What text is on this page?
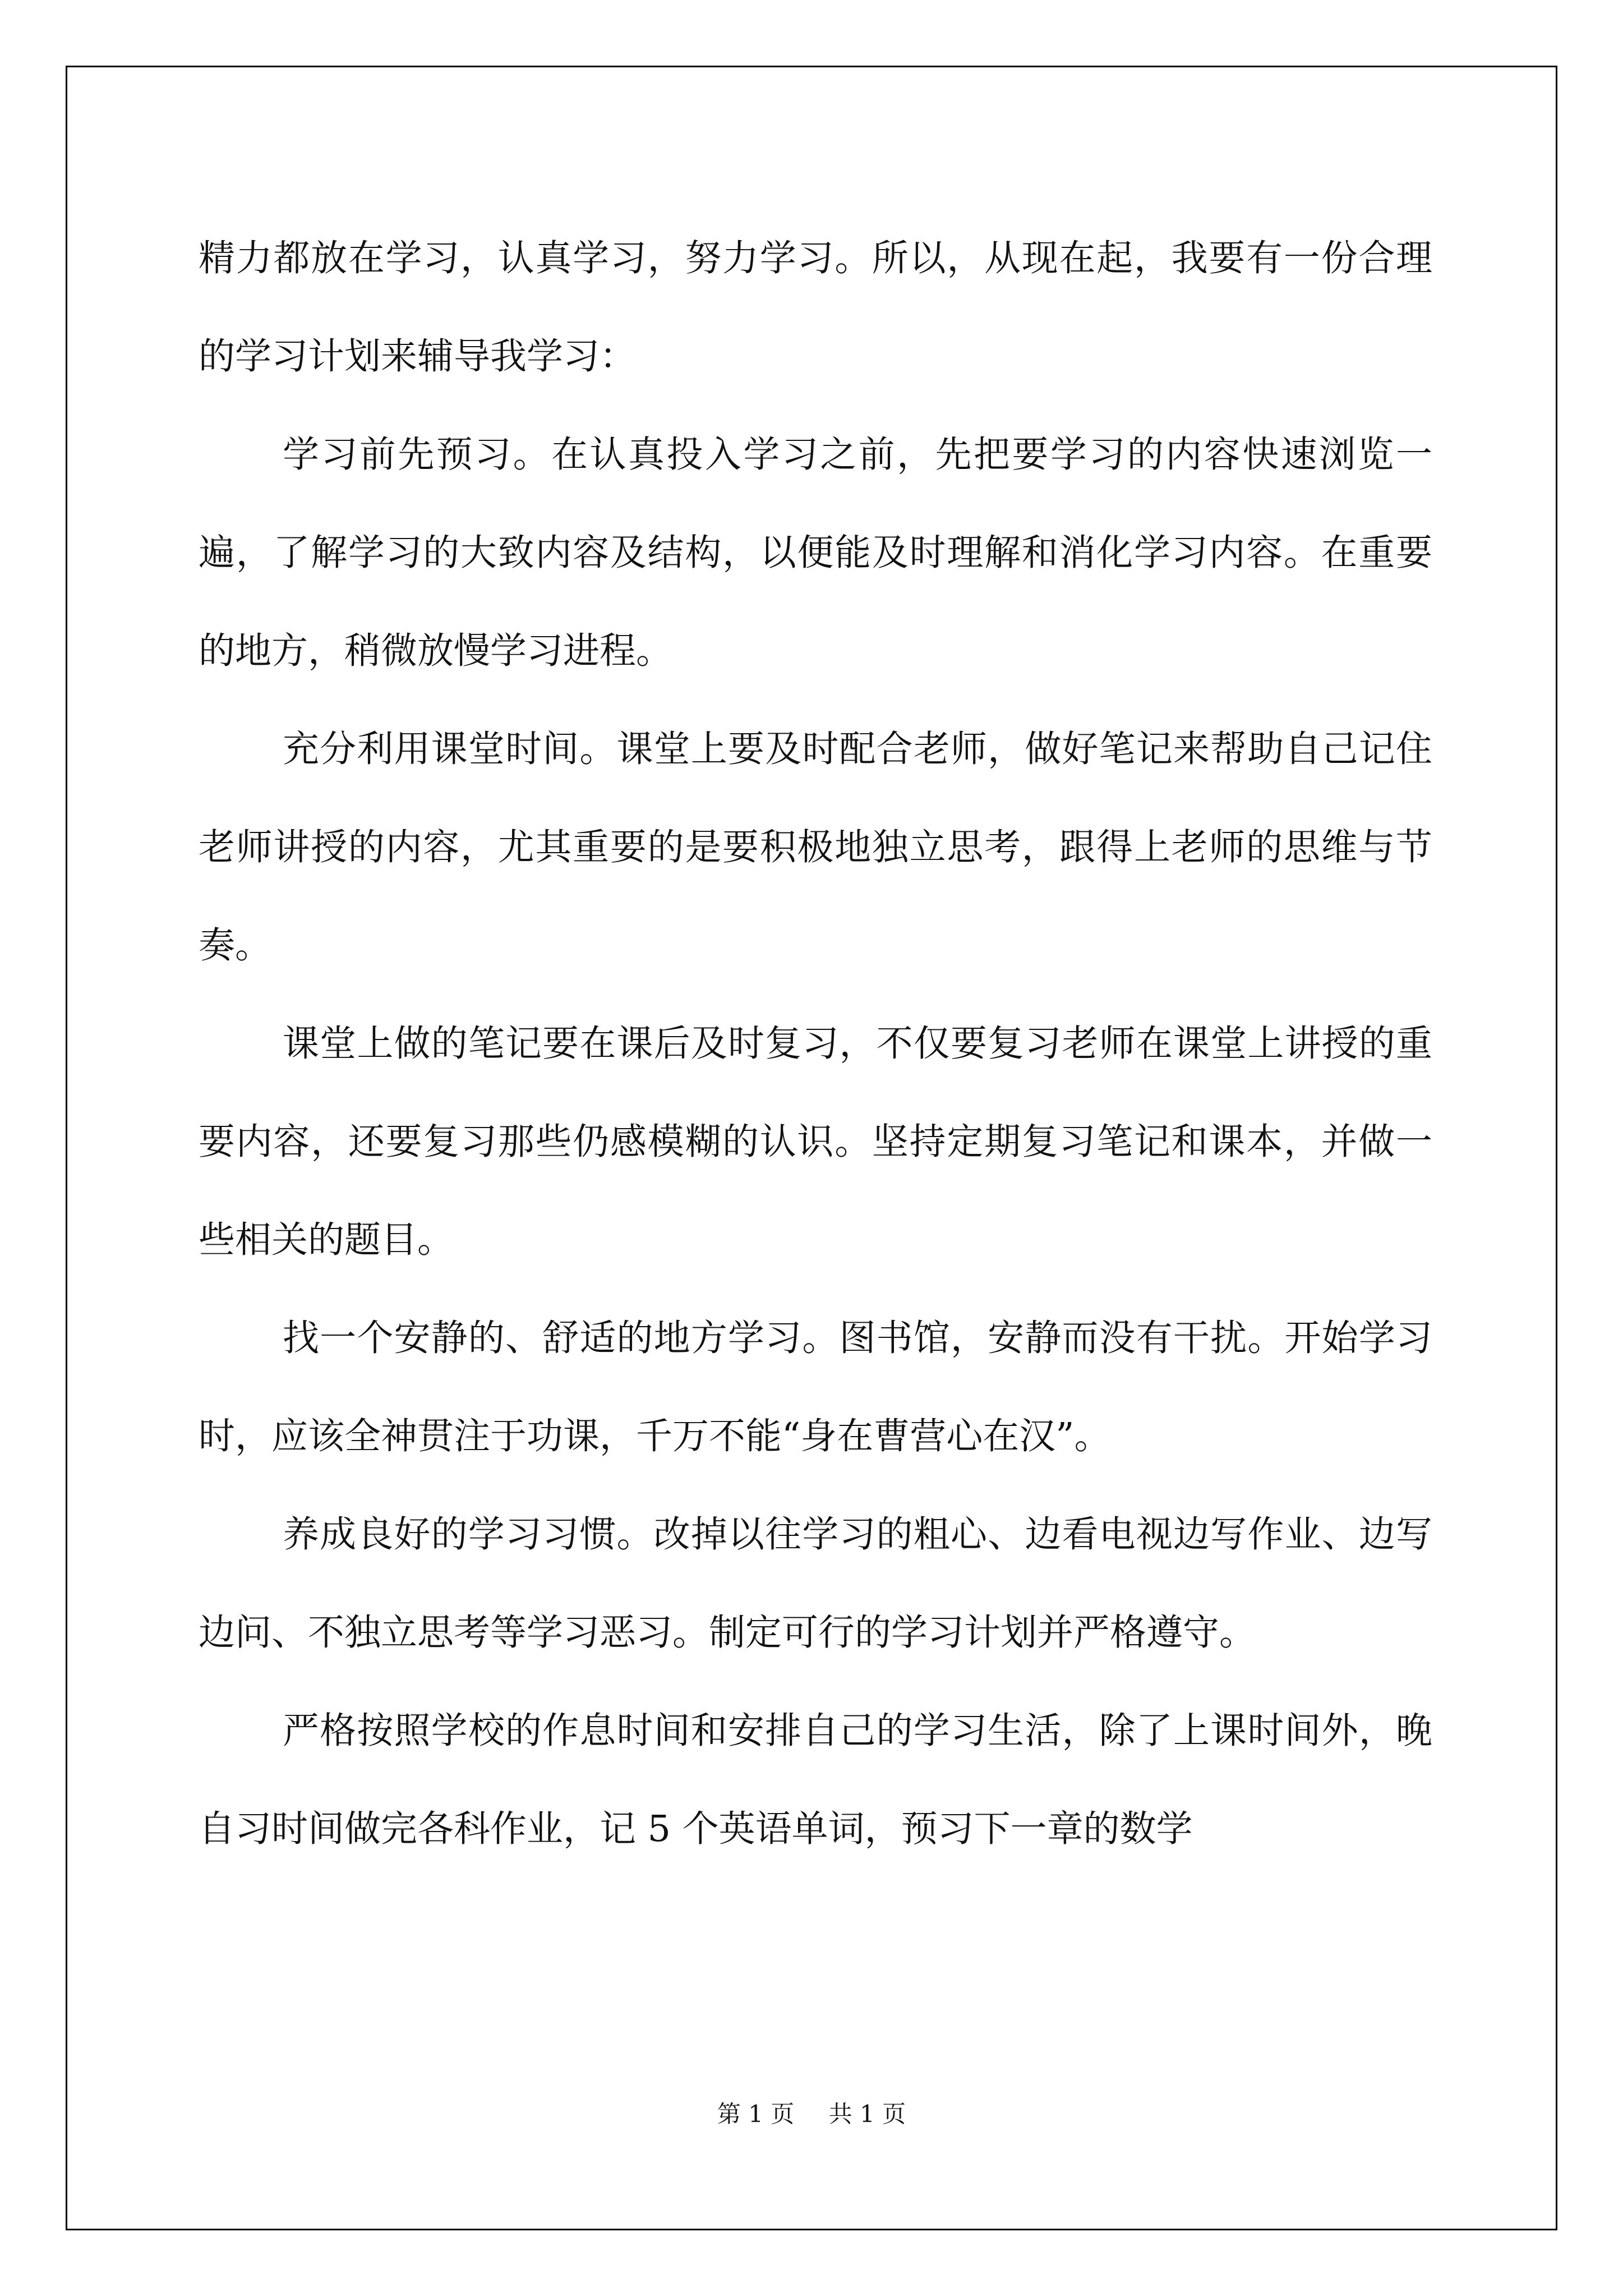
精力都放在学习，认真学习，努力学习。所以，从现在起，我要有一份合理的学习计划来辅导我学习：

学习前先预习。在认真投入学习之前，先把要学习的内容快速浏览一遍，了解学习的大致内容及结构，以便能及时理解和消化学习内容。在重要的地方，稍微放慢学习进程。

充分利用课堂时间。课堂上要及时配合老师，做好笔记来帮助自己记住老师讲授的内容，尤其重要的是要积极地独立思考，跟得上老师的思维与节奏。

课堂上做的笔记要在课后及时复习，不仅要复习老师在课堂上讲授的重要内容，还要复习那些仍感模糊的认识。坚持定期复习笔记和课本，并做一些相关的题目。

找一个安静的、舒适的地方学习。图书馆，安静而没有干扰。开始学习时，应该全神贯注于功课，千万不能“身在曹营心在汉”。

养成良好的学习习惯。改掉以往学习的粗心、边看电视边写作业、边写边问、不独立思考等学习恶习。制定可行的学习计划并严格遵守。

严格按照学校的作息时间和安排自己的学习生活，除了上课时间外，晚自习时间做完各科作业，记 5 个英语单词，预习下一章的数学

第 1 页 共 1 页
